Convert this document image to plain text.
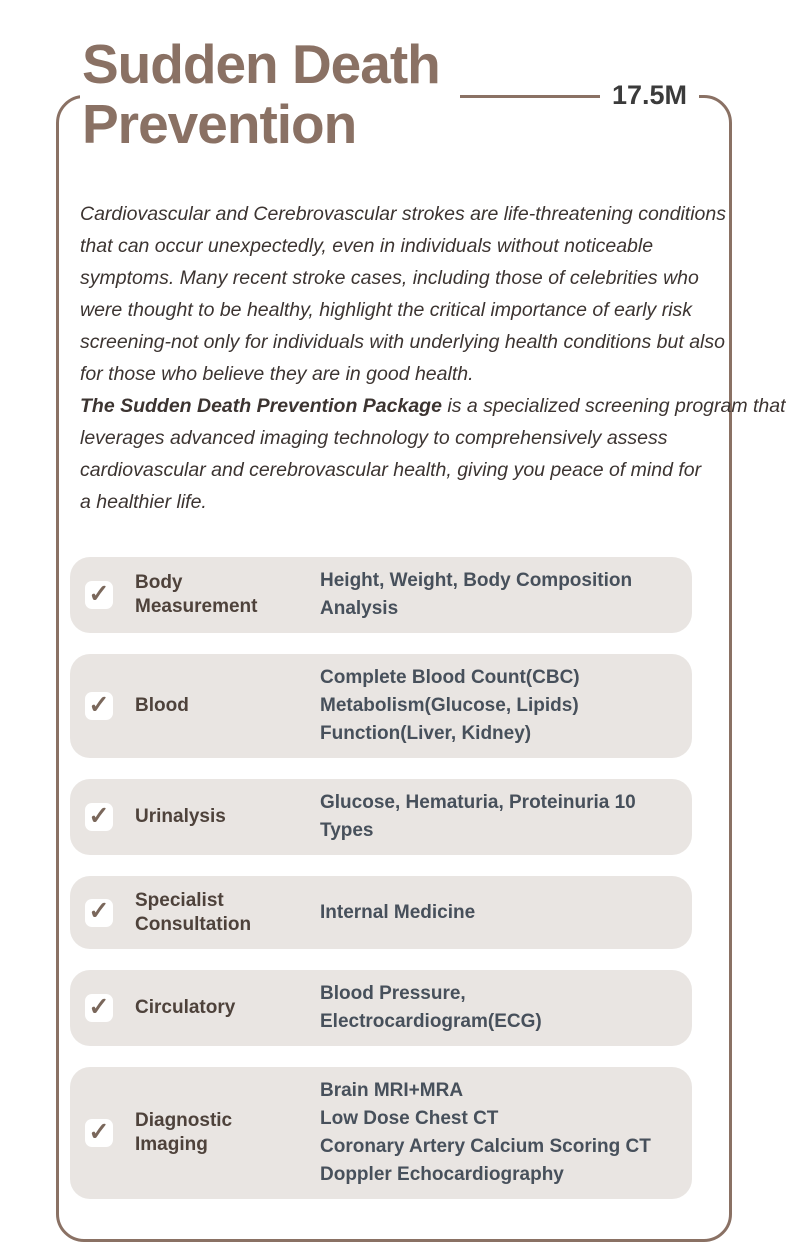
Sudden Death
Prevention	17.5M
Cardiovascular and Cerebrovascular strokes are life-threatening conditions
that can occur unexpectedly, even in individuals without noticeable
symptoms. Many recent stroke cases, including those of celebrities who
were thought to be healthy, highlight the critical importance of early risk
screening-not only for individuals with underlying health conditions but also
for those who believe they are in good health.
The Sudden Death Prevention Package is a specialized screening program that
leverages advanced imaging technology to comprehensively assess
cardiovascular and cerebrovascular health, giving you peace of mind for
a healthier life.
✓ Body Measurement
Height, Weight, Body Composition Analysis
✓ Blood
Complete Blood Count(CBC)
Metabolism(Glucose, Lipids)
Function(Liver, Kidney)
✓ Urinalysis
Glucose, Hematuria, Proteinuria 10 Types
✓ Specialist Consultation
Internal Medicine
✓ Circulatory
Blood Pressure, Electrocardiogram(ECG)
✓ Diagnostic Imaging
Brain MRI+MRA
Low Dose Chest CT
Coronary Artery Calcium Scoring CT
Doppler Echocardiography
